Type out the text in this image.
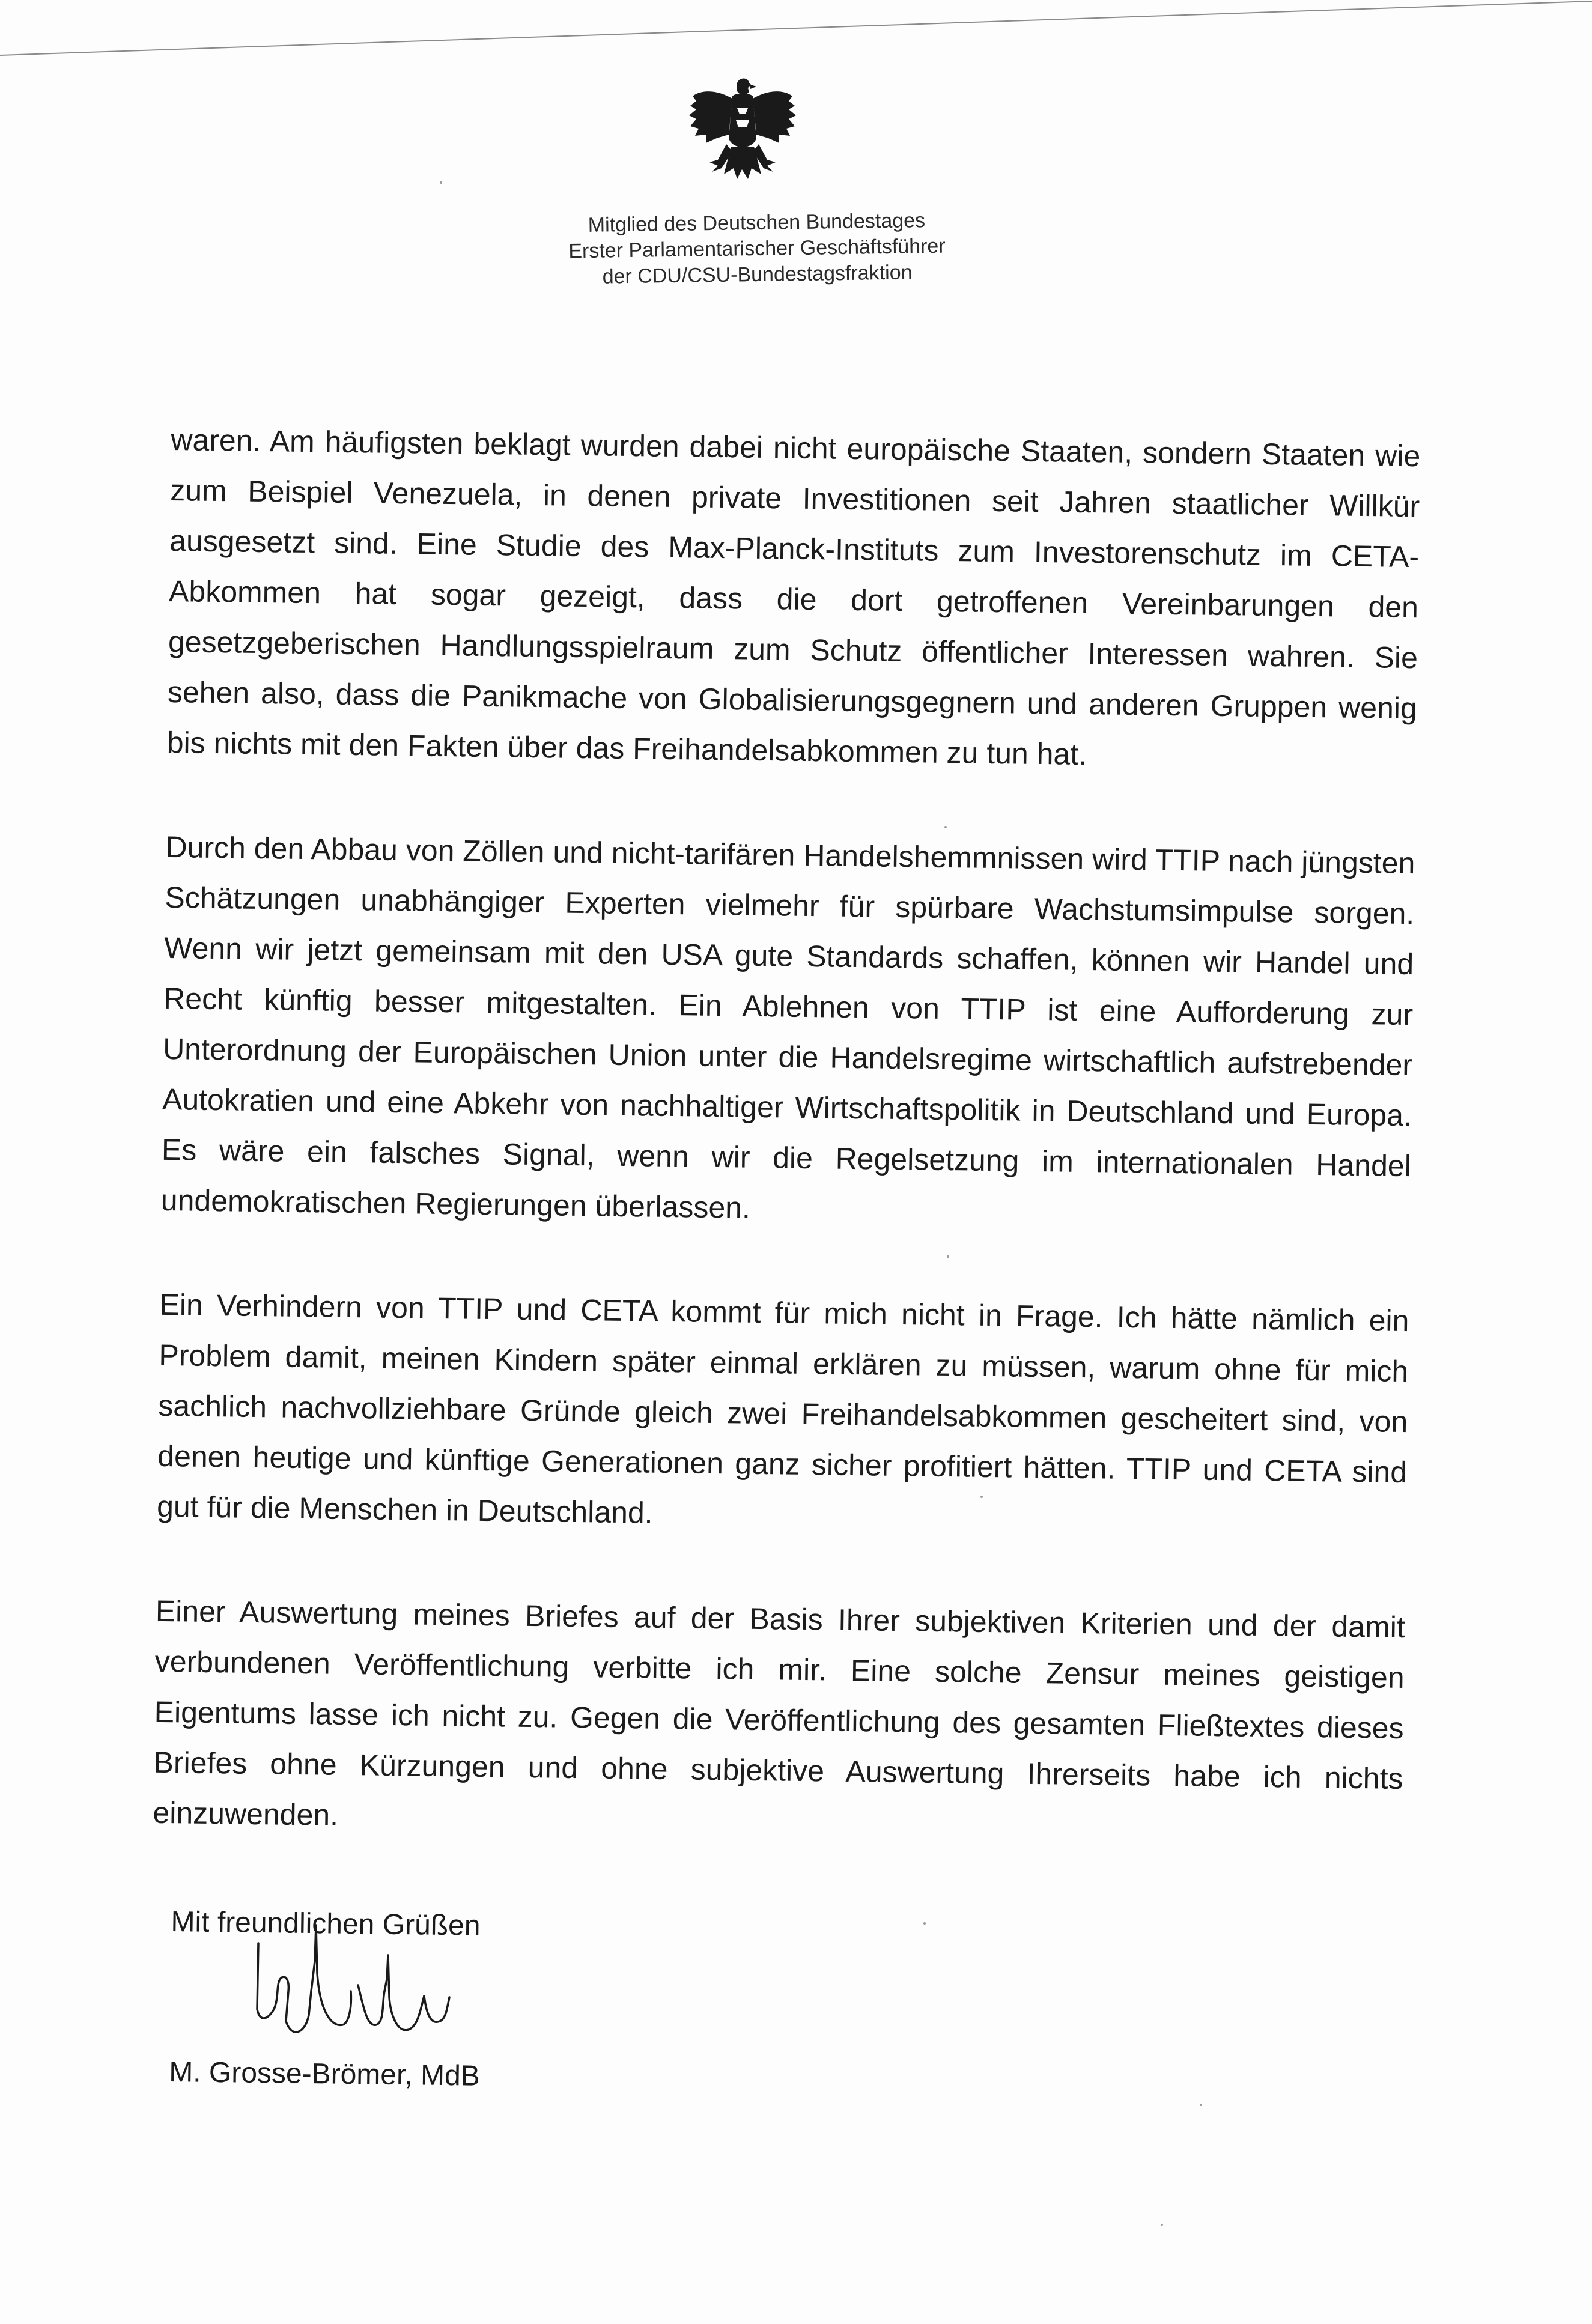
Mitglied des Deutschen Bundestages
Erster Parlamentarischer Geschäftsführer
der CDU/CSU-Bundestagsfraktion

waren. Am häufigsten beklagt wurden dabei nicht europäische Staaten, sondern Staaten wie zum Beispiel Venezuela, in denen private Investitionen seit Jahren staatlicher Willkür ausgesetzt sind. Eine Studie des Max-Planck-Instituts zum Investorenschutz im CETA-Abkommen hat sogar gezeigt, dass die dort getroffenen Vereinbarungen den gesetzgeberischen Handlungsspielraum zum Schutz öffentlicher Interessen wahren. Sie sehen also, dass die Panikmache von Globalisierungsgegnern und anderen Gruppen wenig bis nichts mit den Fakten über das Freihandelsabkommen zu tun hat.

Durch den Abbau von Zöllen und nicht-tarifären Handelshemmnissen wird TTIP nach jüngsten Schätzungen unabhängiger Experten vielmehr für spürbare Wachstumsimpulse sorgen. Wenn wir jetzt gemeinsam mit den USA gute Standards schaffen, können wir Handel und Recht künftig besser mitgestalten. Ein Ablehnen von TTIP ist eine Aufforderung zur Unterordnung der Europäischen Union unter die Handelsregime wirtschaftlich aufstrebender Autokratien und eine Abkehr von nachhaltiger Wirtschaftspolitik in Deutschland und Europa. Es wäre ein falsches Signal, wenn wir die Regelsetzung im internationalen Handel undemokratischen Regierungen überlassen.

Ein Verhindern von TTIP und CETA kommt für mich nicht in Frage. Ich hätte nämlich ein Problem damit, meinen Kindern später einmal erklären zu müssen, warum ohne für mich sachlich nachvollziehbare Gründe gleich zwei Freihandelsabkommen gescheitert sind, von denen heutige und künftige Generationen ganz sicher profitiert hätten. TTIP und CETA sind gut für die Menschen in Deutschland.

Einer Auswertung meines Briefes auf der Basis Ihrer subjektiven Kriterien und der damit verbundenen Veröffentlichung verbitte ich mir. Eine solche Zensur meines geistigen Eigentums lasse ich nicht zu. Gegen die Veröffentlichung des gesamten Fließtextes dieses Briefes ohne Kürzungen und ohne subjektive Auswertung Ihrerseits habe ich nichts einzuwenden.

Mit freundlichen Grüßen
M. Grosse-Brömer, MdB
